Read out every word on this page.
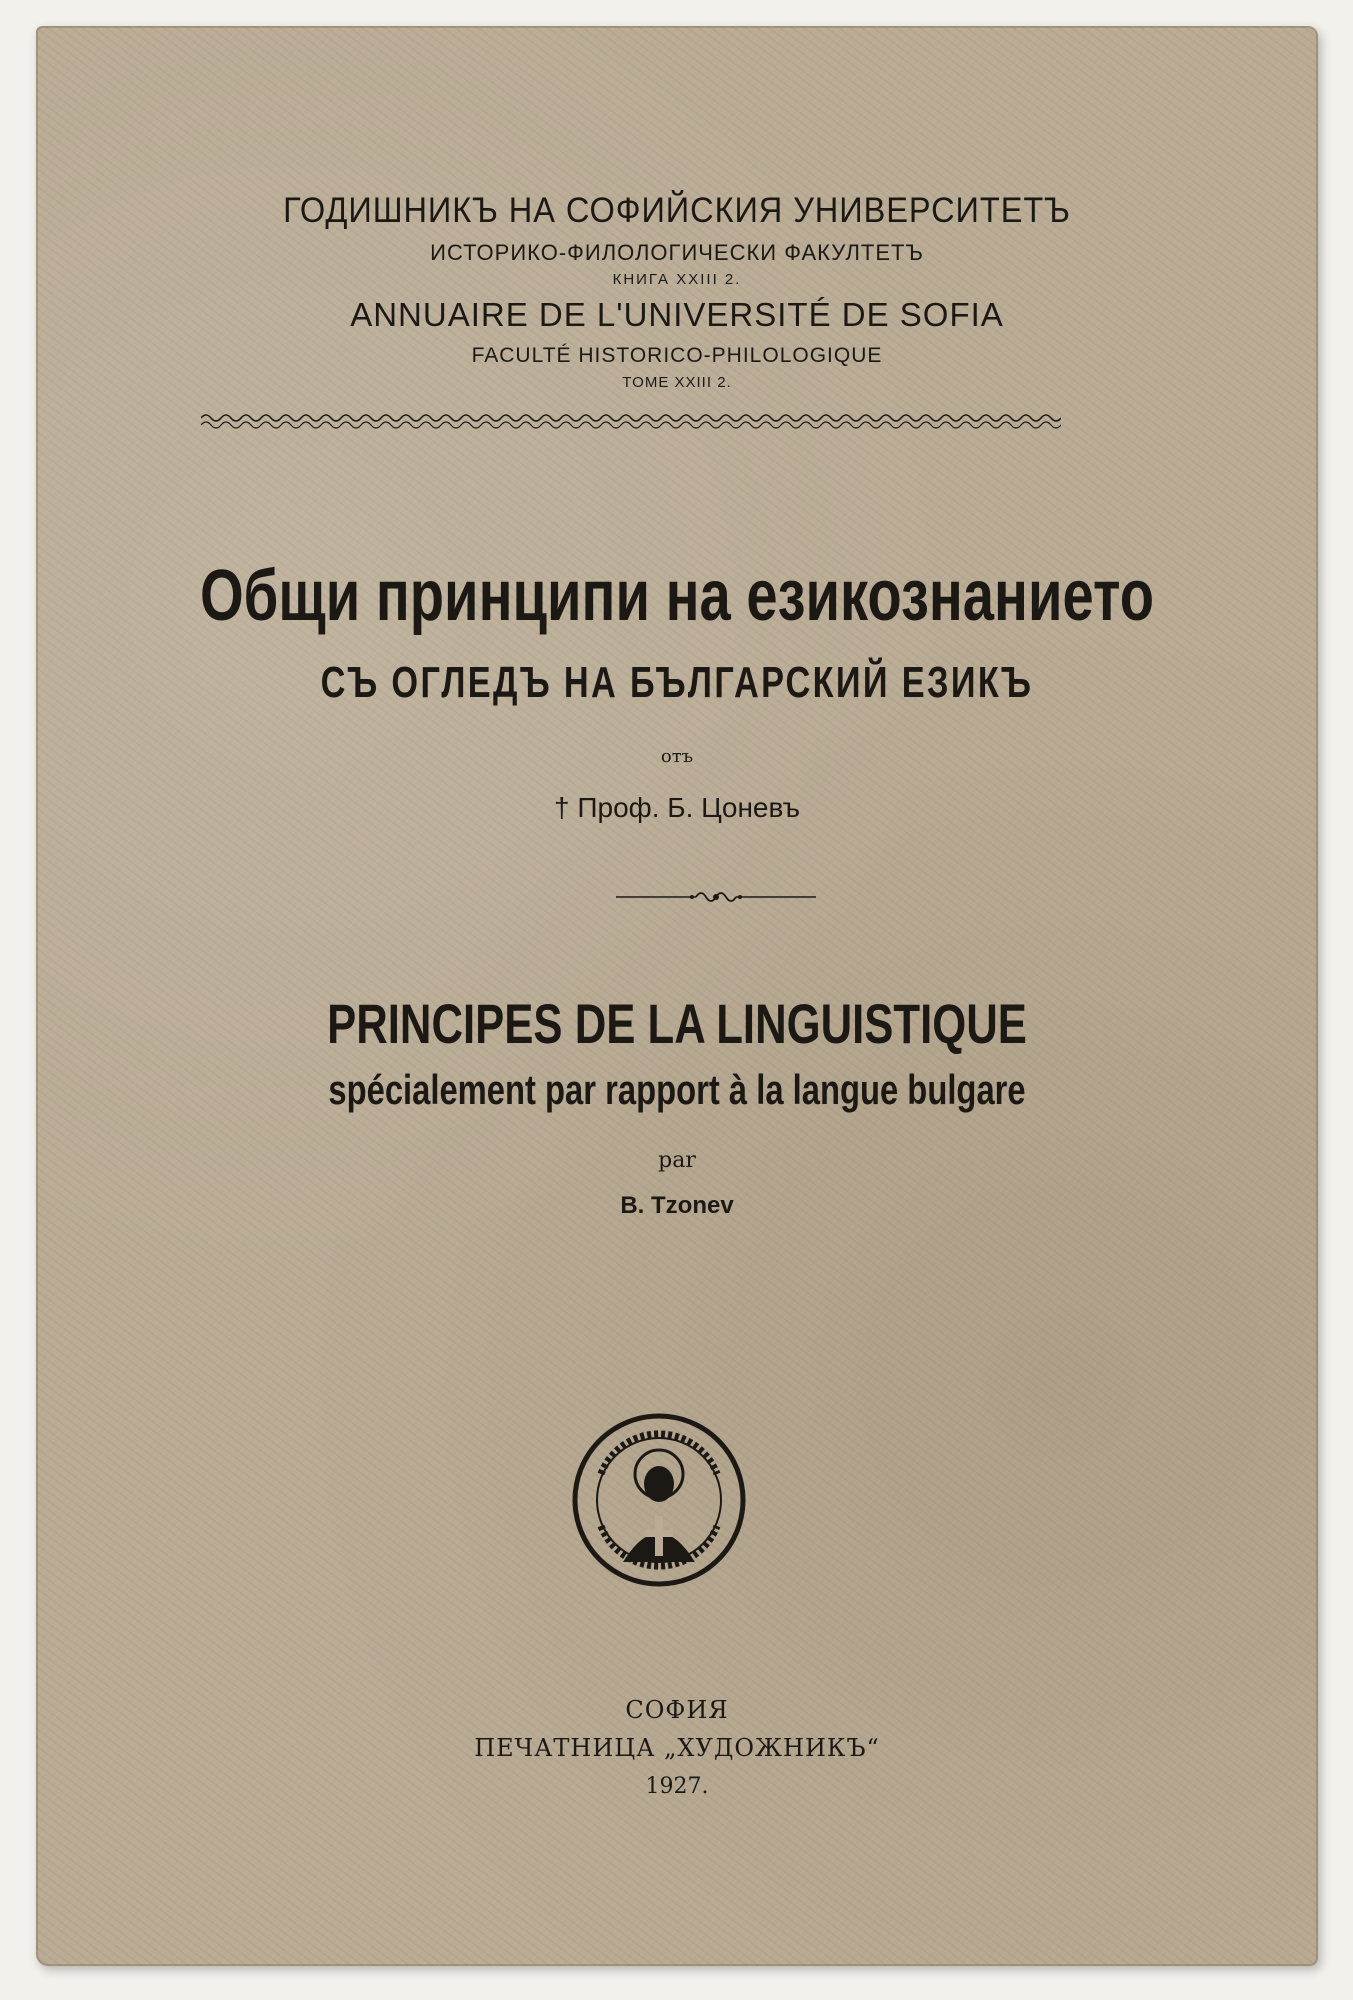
ГОДИШНИКЪ НА СОФИЙСКИЯ УНИВЕРСИТЕТЪ
ИСТОРИКО-ФИЛОЛОГИЧЕСКИ ФАКУЛТЕТЪ
КНИГА XXIII 2.
ANNUAIRE DE L'UNIVERSITÉ DE SOFIA
FACULTÉ HISTORICO-PHILOLOGIQUE
TOME XXIII 2.
Общи принципи на езикознанието
СЪ ОГЛЕДЪ НА БЪЛГАРСКИЙ ЕЗИКЪ
отъ
† Проф. Б. Цоневъ
PRINCIPES DE LA LINGUISTIQUE
spécialement par rapport à la langue bulgare
par
B. Tzonev
СОФИЯ
ПЕЧАТНИЦА „ХУДОЖНИКЪ“
1927.
